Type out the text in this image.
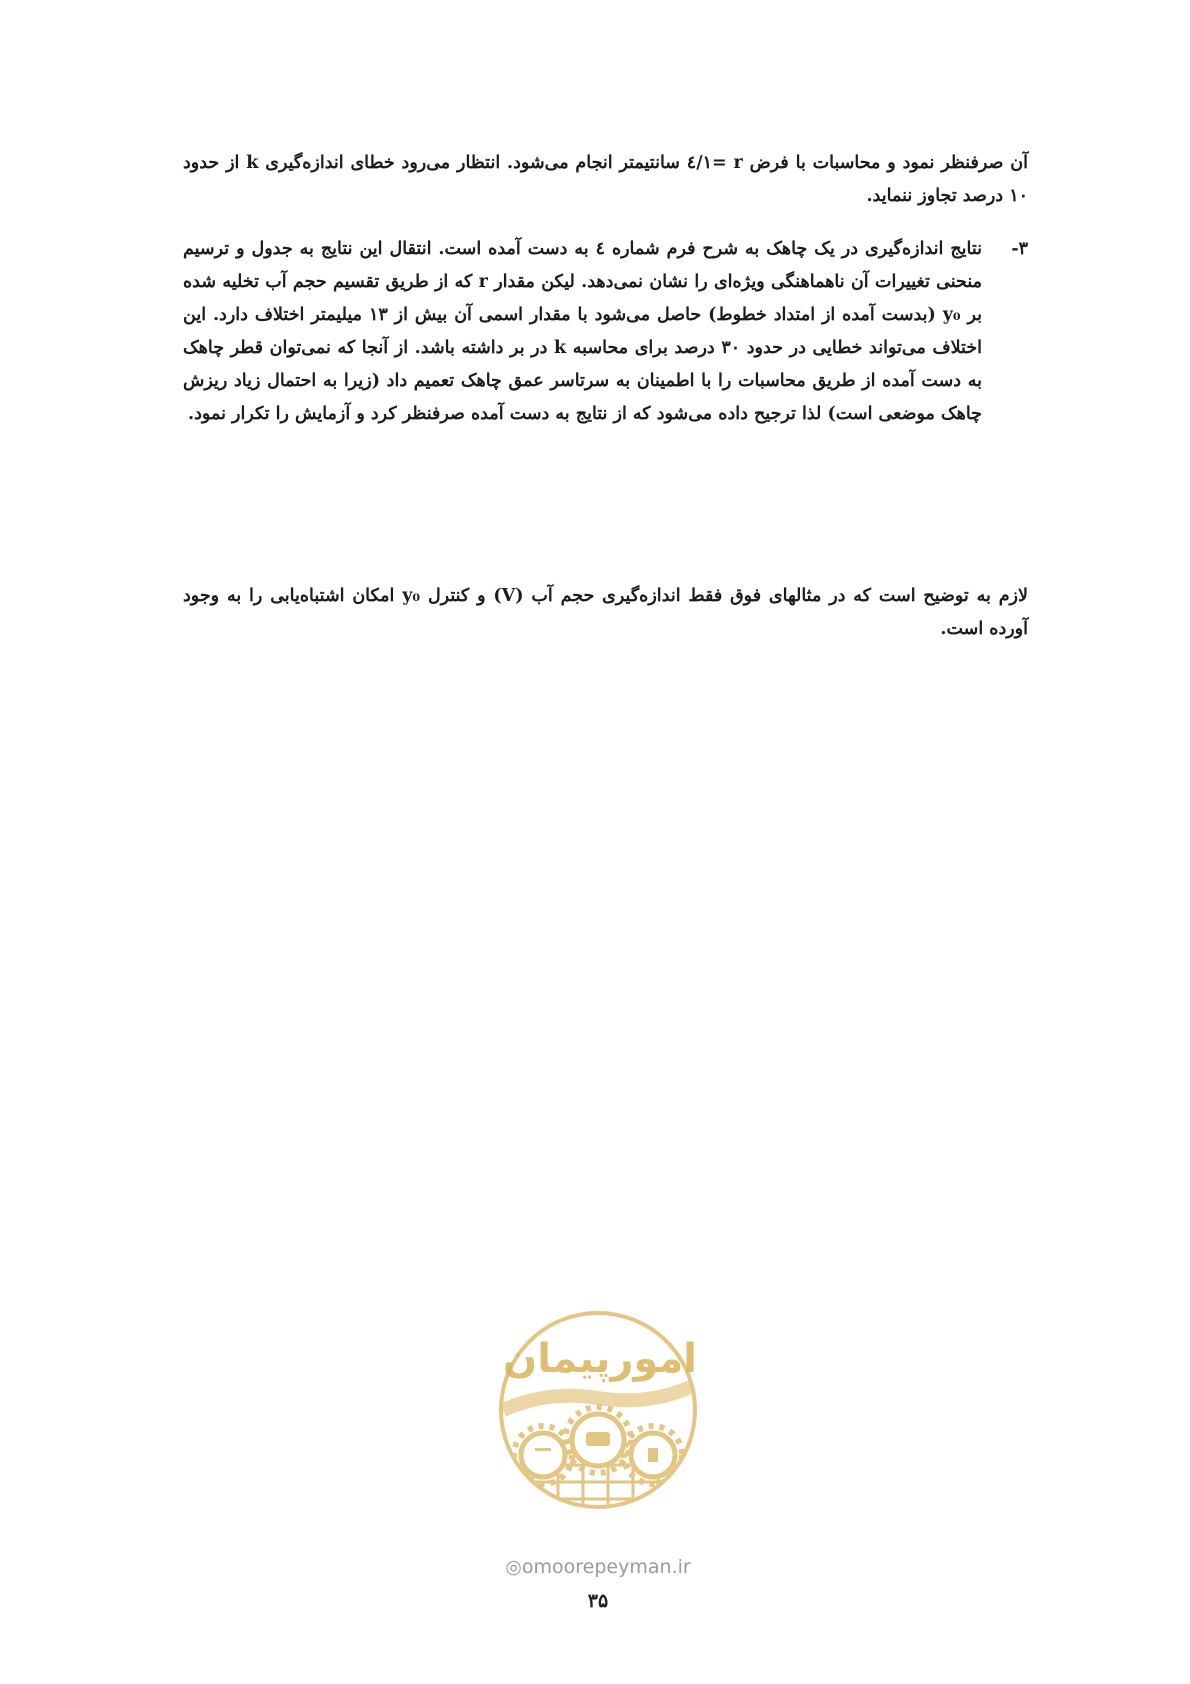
آن صرفنظر نمود و محاسبات با فرض r =٤/١ سانتیمتر انجام می‌شود. انتظار می‌رود خطای اندازه‌گیری k از حدود ۱۰ درصد تجاوز ننماید.

۳-
نتایج اندازه‌گیری در یک چاهک به شرح فرم شماره ٤ به دست آمده است. انتقال این نتایج به جدول و ترسیم منحنی تغییرات آن ناهماهنگی ویژه‌ای را نشان نمی‌دهد. لیکن مقدار r که از طریق تقسیم حجم آب تخلیه شده بر y₀ (بدست آمده از امتداد خطوط) حاصل می‌شود با مقدار اسمی آن بیش از ۱۳ میلیمتر اختلاف دارد. این اختلاف می‌تواند خطایی در حدود ۳۰ درصد برای محاسبه k در بر داشته باشد. از آنجا که نمی‌توان قطر چاهک به دست آمده از طریق محاسبات را با اطمینان به سرتاسر عمق چاهک تعمیم داد (زیرا به احتمال زیاد ریزش چاهک موضعی است) لذا ترجیح داده می‌شود که از نتایج به دست آمده صرفنظر کرد و آزمایش را تکرار نمود.

لازم به توضیح است که در مثالهای فوق فقط اندازه‌گیری حجم آب (V) و کنترل y₀ امکان اشتباه‌یابی را به وجود آورده است.

امورپیمان
◎omoorepeyman.ir
۳۵
